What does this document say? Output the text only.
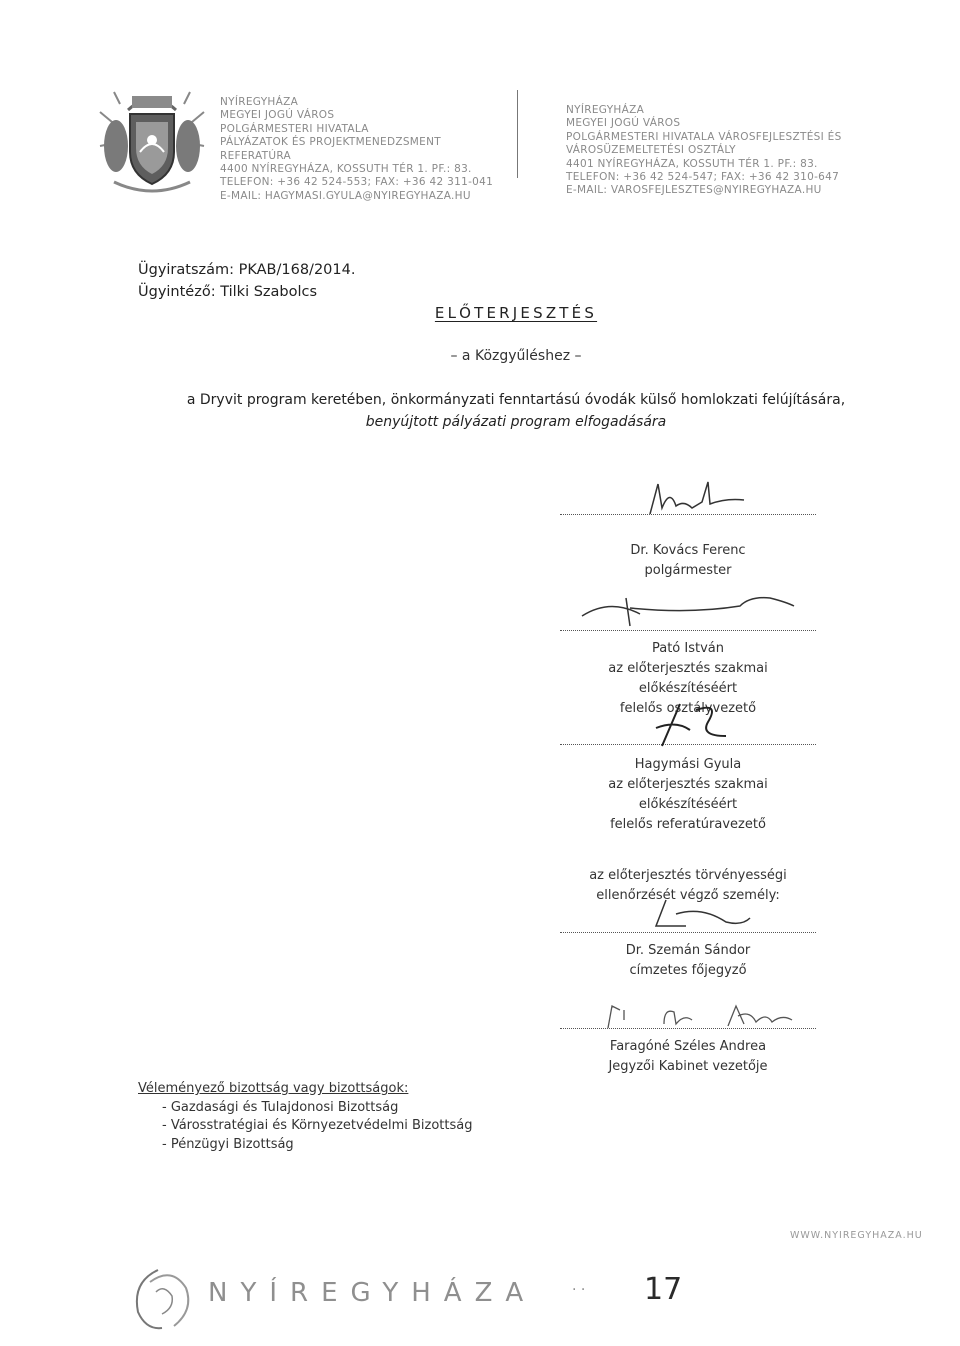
NYÍREGYHÁZA
MEGYEI JOGÚ VÁROS
POLGÁRMESTERI HIVATALA
PÁLYÁZATOK ÉS PROJEKTMENEDZSMENT
REFERATÚRA
4400 NYÍREGYHÁZA, KOSSUTH TÉR 1. PF.: 83.
TELEFON: +36 42 524-553; FAX: +36 42 311-041
E-MAIL: HAGYMASI.GYULA@NYIREGYHAZA.HU
NYÍREGYHÁZA
MEGYEI JOGÚ VÁROS
POLGÁRMESTERI HIVATALA VÁROSFEJLESZTÉSI ÉS
VÁROSÜZEMELTETÉSI OSZTÁLY
4401 NYÍREGYHÁZA, KOSSUTH TÉR 1. PF.: 83.
TELEFON: +36 42 524-547; FAX: +36 42 310-647
E-MAIL: VAROSFEJLESZTES@NYIREGYHAZA.HU
Ügyiratszám: PKAB/168/2014.
Ügyintéző: Tilki Szabolcs
ELŐTERJESZTÉS
– a Közgyűléshez –
a Dryvit program keretében, önkormányzati fenntartású óvodák külső homlokzati felújítására,
benyújtott pályázati program elfogadására
Dr. Kovács Ferenc
polgármester
Pató István
az előterjesztés szakmai előkészítéséért
felelős osztályvezető
Hagymási Gyula
az előterjesztés szakmai előkészítéséért
felelős referatúravezető
az előterjesztés törvényességi
ellenőrzését végző személy:
Dr. Szemán Sándor
címzetes főjegyző
Faragóné Széles Andrea
Jegyzői Kabinet vezetője
Véleményező bizottság vagy bizottságok:
- Gazdasági és Tulajdonosi Bizottság
- Városstratégiai és Környezetvédelmi Bizottság
- Pénzügyi Bizottság
WWW.NYIREGYHAZA.HU
NYÍREGYHÁZA	· · 17
